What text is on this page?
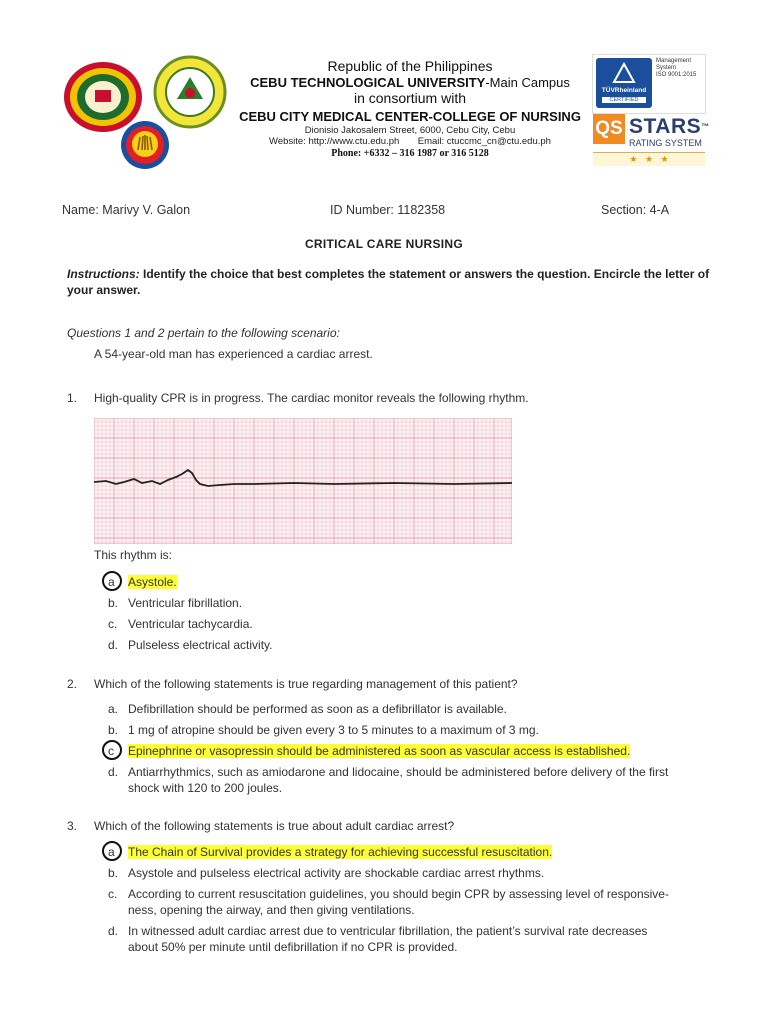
Republic of the Philippines
CEBU TECHNOLOGICAL UNIVERSITY-Main Campus
in consortium with
CEBU CITY MEDICAL CENTER-COLLEGE OF NURSING
Dionisio Jakosalem Street, 6000, Cebu City, Cebu
Website: http://www.ctu.edu.ph       Email: ctuccmc_cn@ctu.edu.ph
Phone: +6332 – 316 1987 or 316 5128
TÜVRheinland
CERTIFIED
Management
System
ISO 9001:2015
QS STARS™
RATING SYSTEM
★   ★   ★
Name: Marivy V. Galon	ID Number: 1182358	Section: 4-A
CRITICAL CARE NURSING
Instructions: Identify the choice that best completes the statement or answers the question. Encircle the letter of your answer.
Questions 1 and 2 pertain to the following scenario:
A 54-year-old man has experienced a cardiac arrest.
1. High-quality CPR is in progress. The cardiac monitor reveals the following rhythm.
This rhythm is:
a	Asystole.
b. Ventricular fibrillation.
c. Ventricular tachycardia.
d. Pulseless electrical activity.
2. Which of the following statements is true regarding management of this patient?
a. Defibrillation should be performed as soon as a defibrillator is available.
b. 1 mg of atropine should be given every 3 to 5 minutes to a maximum of 3 mg.
c	Epinephrine or vasopressin should be administered as soon as vascular access is established.
d. Antiarrhythmics, such as amiodarone and lidocaine, should be administered before delivery of the first
shock with 120 to 200 joules.
3. Which of the following statements is true about adult cardiac arrest?
a	The Chain of Survival provides a strategy for achieving successful resuscitation.
b. Asystole and pulseless electrical activity are shockable cardiac arrest rhythms.
c. According to current resuscitation guidelines, you should begin CPR by assessing level of responsive-
ness, opening the airway, and then giving ventilations.
d. In witnessed adult cardiac arrest due to ventricular fibrillation, the patient’s survival rate decreases
about 50% per minute until defibrillation if no CPR is provided.
